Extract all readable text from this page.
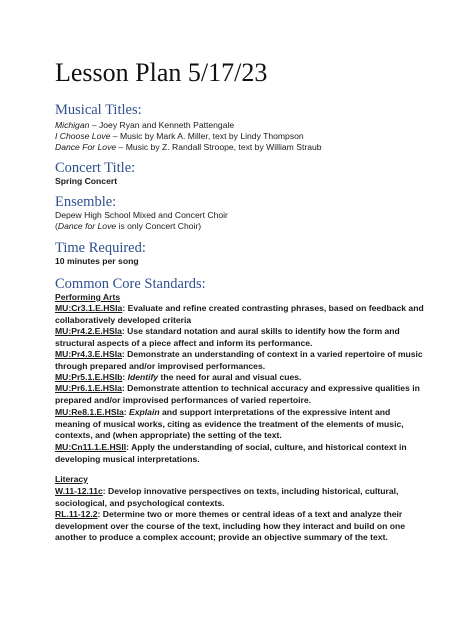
Lesson Plan 5/17/23
Musical Titles:

Michigan – Joey Ryan and Kenneth Pattengale

I Choose Love – Music by Mark A. Miller, text by Lindy Thompson

Dance For Love – Music by Z. Randall Stroope, text by William Straub

Concert Title:

Spring Concert

Ensemble:

Depew High School Mixed and Concert Choir

(Dance for Love is only Concert Choir)

Time Required:

10 minutes per song

Common Core Standards:

Performing Arts

MU:Cr3.1.E.HSIa: Evaluate and refine created contrasting phrases, based on feedback and collaboratively developed criteria

MU:Pr4.2.E.HSIa: Use standard notation and aural skills to identify how the form and structural aspects of a piece affect and inform its performance.

MU:Pr4.3.E.HSIa: Demonstrate an understanding of context in a varied repertoire of music through prepared and/or improvised performances.

MU:Pr5.1.E.HSIb: Identify the need for aural and visual cues.

MU:Pr6.1.E.HSIa: Demonstrate attention to technical accuracy and expressive qualities in prepared and/or improvised performances of varied repertoire.

MU:Re8.1.E.HSIa: Explain and support interpretations of the expressive intent and meaning of musical works, citing as evidence the treatment of the elements of music, contexts, and (when appropriate) the setting of the text.

MU:Cn11.1.E.HSII: Apply the understanding of social, culture, and historical context in developing musical interpretations.

Literacy

W.11-12.11c: Develop innovative perspectives on texts, including historical, cultural, sociological, and psychological contexts.

RL.11-12.2: Determine two or more themes or central ideas of a text and analyze their development over the course of the text, including how they interact and build on one another to produce a complex account; provide an objective summary of the text.
